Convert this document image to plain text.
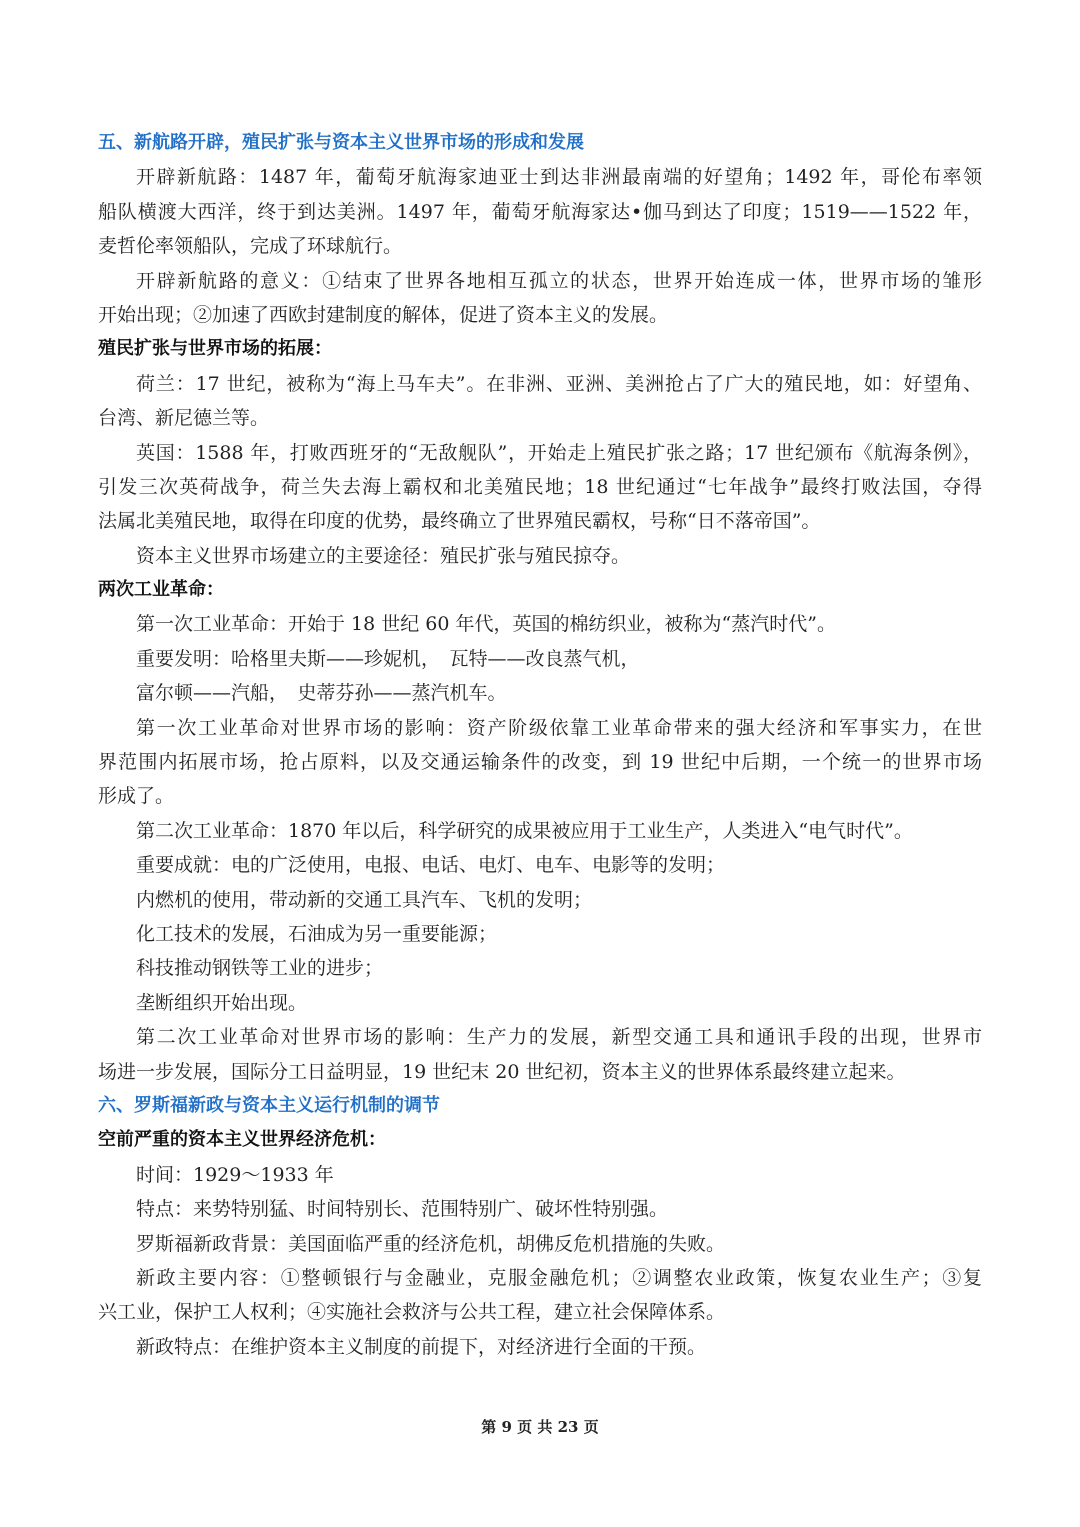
五、新航路开辟，殖民扩张与资本主义世界市场的形成和发展
开辟新航路：1487 年，葡萄牙航海家迪亚士到达非洲最南端的好望角；1492 年，哥伦布率领
船队横渡大西洋，终于到达美洲。1497 年，葡萄牙航海家达•伽马到达了印度；1519——1522 年，
麦哲伦率领船队，完成了环球航行。
开辟新航路的意义：①结束了世界各地相互孤立的状态，世界开始连成一体，世界市场的雏形
开始出现；②加速了西欧封建制度的解体，促进了资本主义的发展。
殖民扩张与世界市场的拓展：
荷兰：17 世纪，被称为“海上马车夫”。在非洲、亚洲、美洲抢占了广大的殖民地，如：好望角、
台湾、新尼德兰等。
英国：1588 年，打败西班牙的“无敌舰队”，开始走上殖民扩张之路；17 世纪颁布《航海条例》，
引发三次英荷战争，荷兰失去海上霸权和北美殖民地；18 世纪通过“七年战争”最终打败法国，夺得
法属北美殖民地，取得在印度的优势，最终确立了世界殖民霸权，号称“日不落帝国”。
资本主义世界市场建立的主要途径：殖民扩张与殖民掠夺。
两次工业革命：
第一次工业革命：开始于 18 世纪 60 年代，英国的棉纺织业，被称为“蒸汽时代”。
重要发明：哈格里夫斯——珍妮机，　瓦特——改良蒸气机，
富尔顿——汽船，　史蒂芬孙——蒸汽机车。
第一次工业革命对世界市场的影响：资产阶级依靠工业革命带来的强大经济和军事实力，在世
界范围内拓展市场，抢占原料，以及交通运输条件的改变，到 19 世纪中后期，一个统一的世界市场
形成了。
第二次工业革命：1870 年以后，科学研究的成果被应用于工业生产，人类进入“电气时代”。
重要成就：电的广泛使用，电报、电话、电灯、电车、电影等的发明；
内燃机的使用，带动新的交通工具汽车、飞机的发明；
化工技术的发展，石油成为另一重要能源；
科技推动钢铁等工业的进步；
垄断组织开始出现。
第二次工业革命对世界市场的影响：生产力的发展，新型交通工具和通讯手段的出现，世界市
场进一步发展，国际分工日益明显，19 世纪末 20 世纪初，资本主义的世界体系最终建立起来。
六、罗斯福新政与资本主义运行机制的调节
空前严重的资本主义世界经济危机：
时间：1929～1933 年
特点：来势特别猛、时间特别长、范围特别广、破坏性特别强。
罗斯福新政背景：美国面临严重的经济危机，胡佛反危机措施的失败。
新政主要内容：①整顿银行与金融业，克服金融危机；②调整农业政策，恢复农业生产；③复
兴工业，保护工人权利；④实施社会救济与公共工程，建立社会保障体系。
新政特点：在维护资本主义制度的前提下，对经济进行全面的干预。
第 9 页 共 23 页
